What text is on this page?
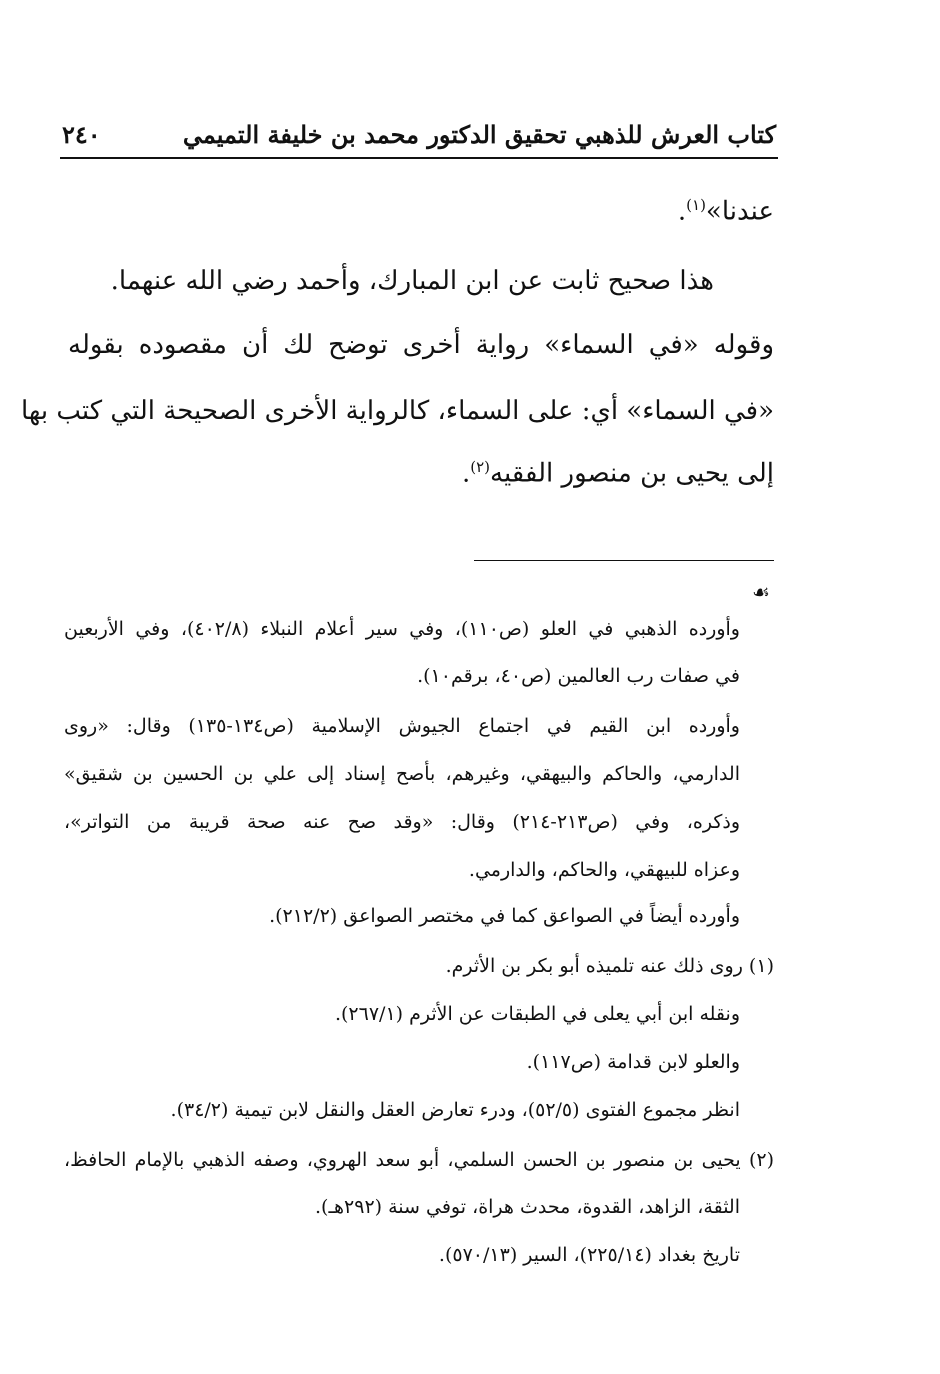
كتاب العرش للذهبي تحقيق الدكتور محمد بن خليفة التميمي
٢٤٠
عندنا»$^{(١)}$.
هذا صحيح ثابت عن ابن المبارك، وأحمد رضي الله عنهما.
وقوله «في السماء» رواية أخرى توضح لك أن مقصوده بقوله
«في السماء» أي: على السماء، كالرواية الأخرى الصحيحة التي كتب بها
إلى يحيى بن منصور الفقيه$^{(٢)}$.
☙
وأورده الذهبي في العلو (ص١١٠)، وفي سير أعلام النبلاء (٤٠٢/٨)، وفي الأربعين
في صفات رب العالمين (ص٤٠، برقم١٠).
وأورده ابن القيم في اجتماع الجيوش الإسلامية (ص١٣٤-١٣٥) وقال: «روى
الدارمي، والحاكم والبيهقي، وغيرهم، بأصح إسناد إلى علي بن الحسين بن شقيق»
وذكره، وفي (ص٢١٣-٢١٤) وقال: «وقد صح عنه صحة قريبة من التواتر»،
وعزاه للبيهقي، والحاكم، والدارمي.
وأورده أيضاً في الصواعق كما في مختصر الصواعق (٢١٢/٢).
(١) روى ذلك عنه تلميذه أبو بكر بن الأثرم.
ونقله ابن أبي يعلى في الطبقات عن الأثرم (٢٦٧/١).
والعلو لابن قدامة (ص١١٧).
انظر مجموع الفتوى (٥٢/٥)، ودرء تعارض العقل والنقل لابن تيمية (٣٤/٢).
(٢) يحيى بن منصور بن الحسن السلمي، أبو سعد الهروي، وصفه الذهبي بالإمام الحافظ،
الثقة، الزاهد، القدوة، محدث هراة، توفي سنة (٢٩٢هـ).
تاريخ بغداد (٢٢٥/١٤)، السير (٥٧٠/١٣).
